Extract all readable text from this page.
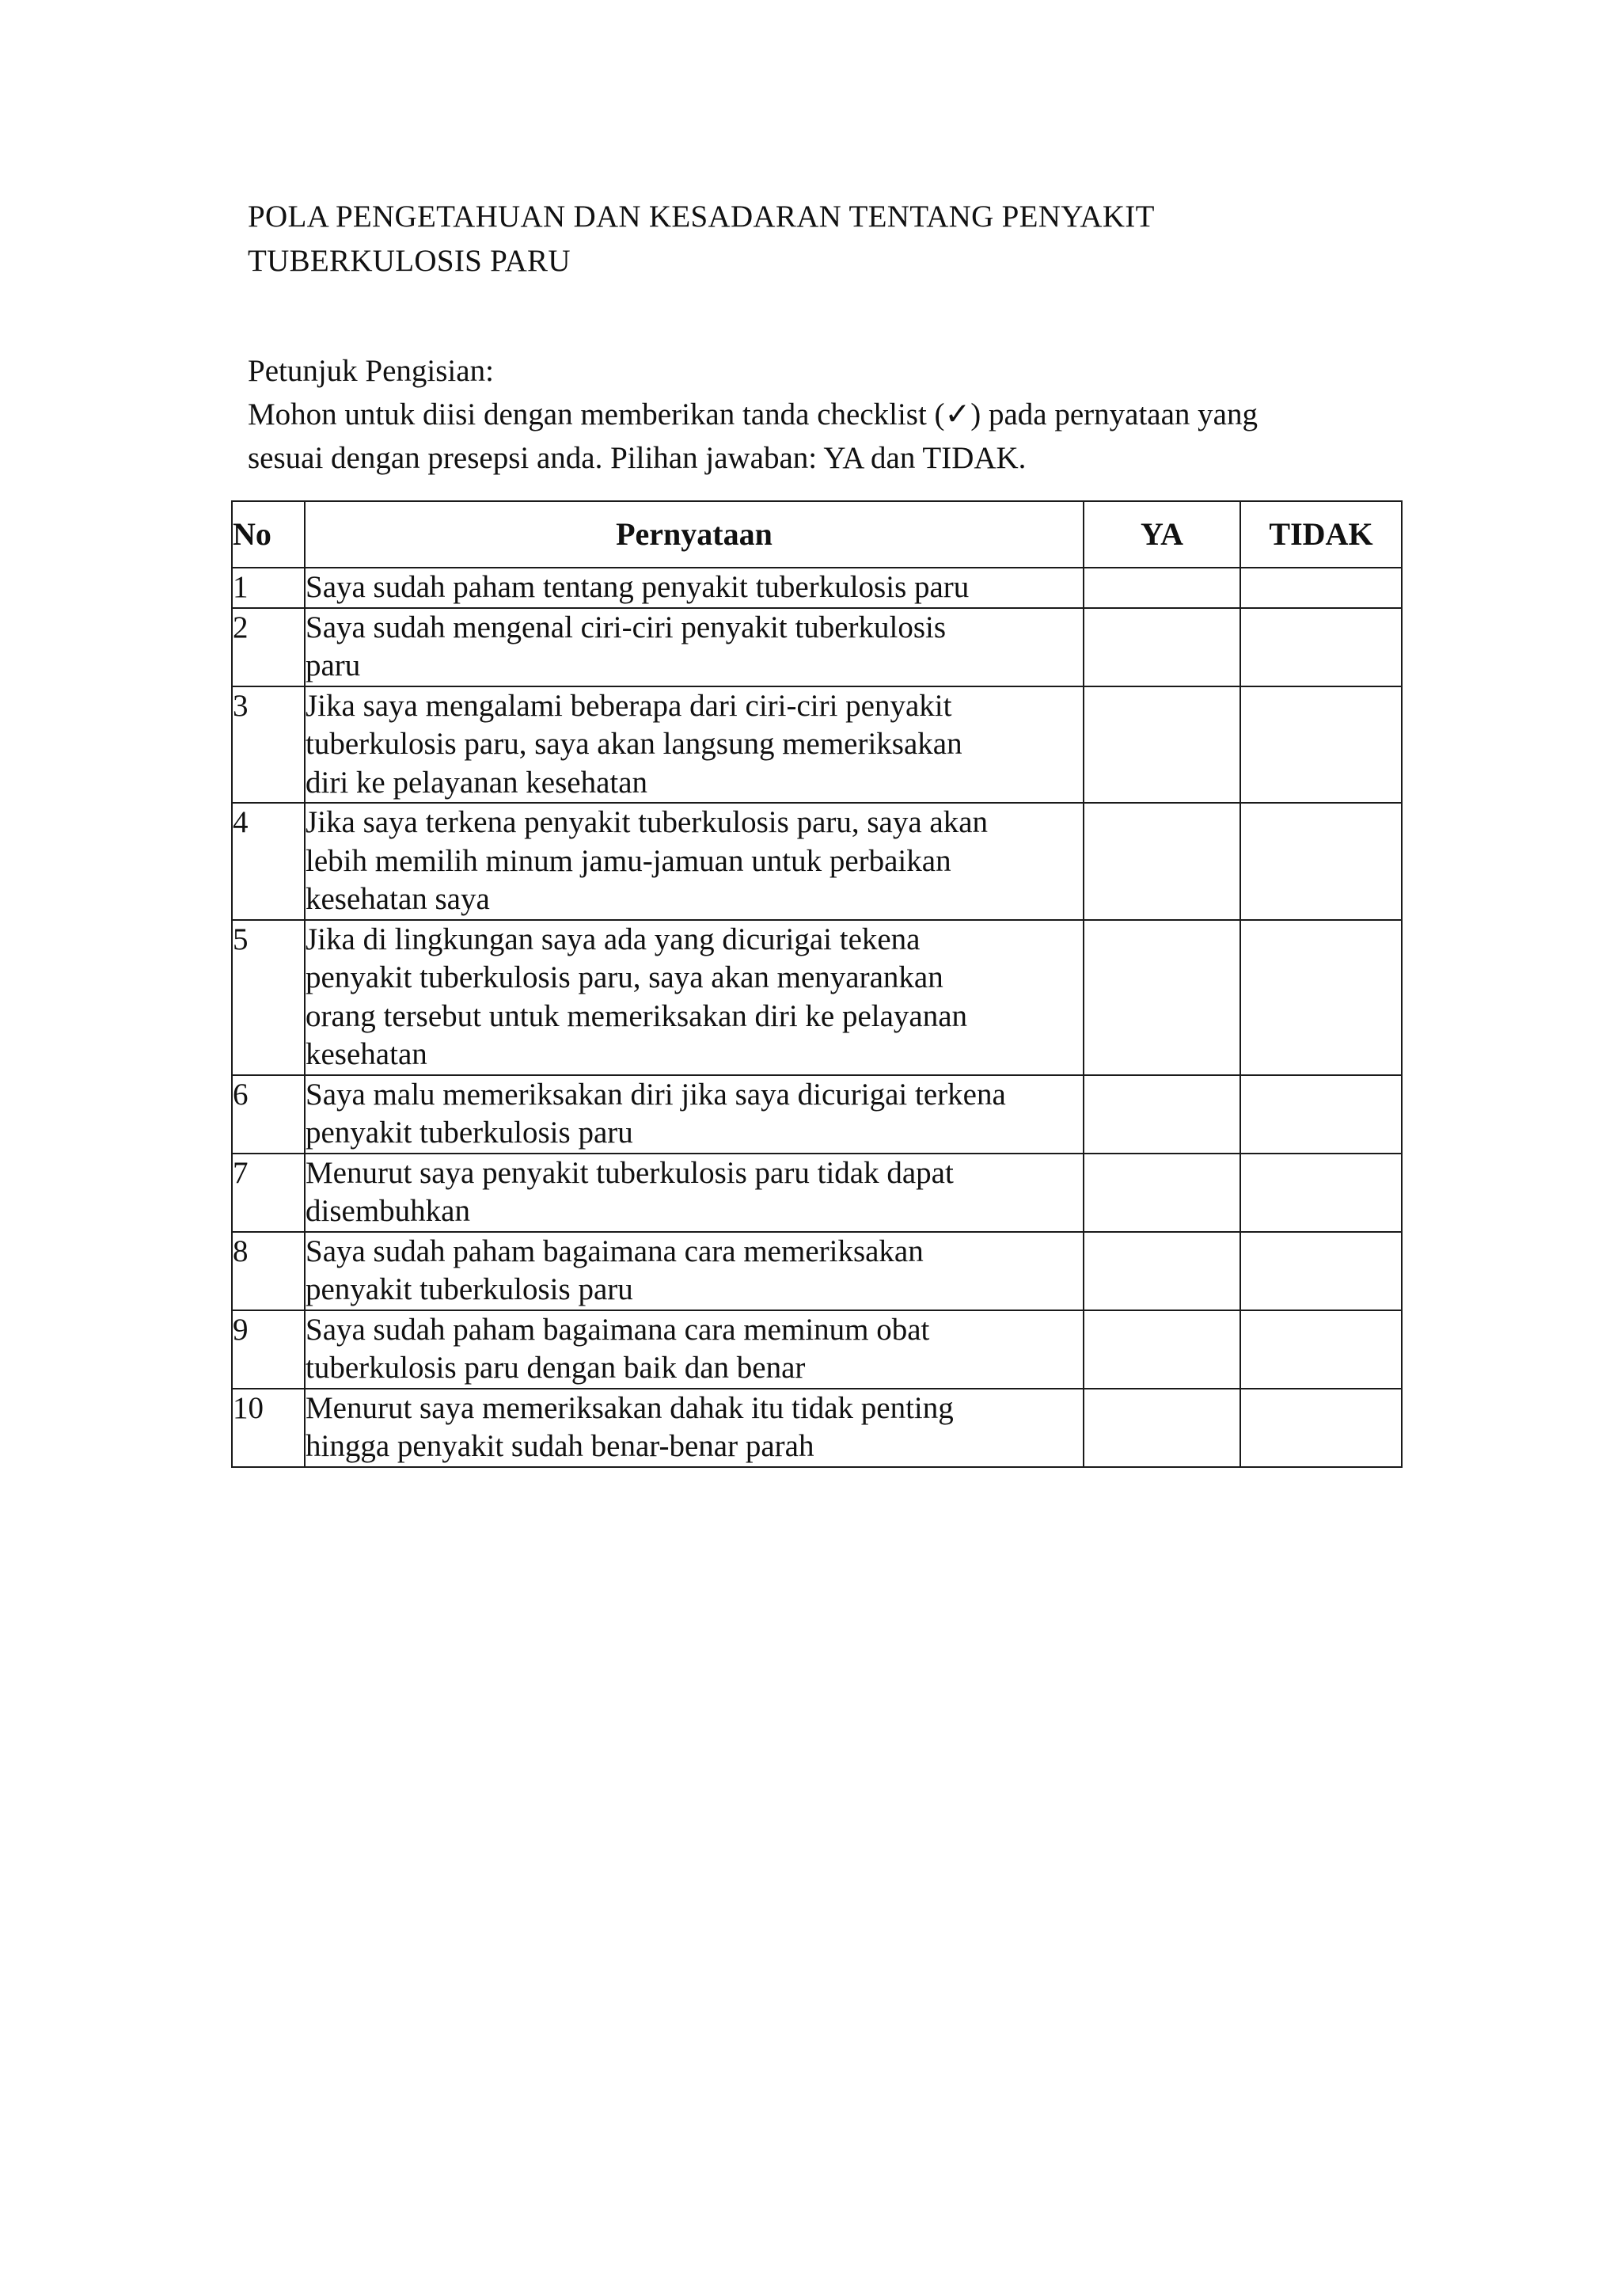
POLA PENGETAHUAN DAN KESADARAN TENTANG PENYAKIT
TUBERKULOSIS PARU
Petunjuk Pengisian:
Mohon untuk diisi dengan memberikan tanda checklist (✓) pada pernyataan yang
sesuai dengan presepsi anda. Pilihan jawaban: YA dan TIDAK.
No	Pernyataan	YA	TIDAK
1	Saya sudah paham tentang penyakit tuberkulosis paru		

2	Saya sudah mengenal ciri-ciri penyakit tuberkulosis
paru		

3	Jika saya mengalami beberapa dari ciri-ciri penyakit
tuberkulosis paru, saya akan langsung memeriksakan
diri ke pelayanan kesehatan		

4	Jika saya terkena penyakit tuberkulosis paru, saya akan
lebih memilih minum jamu-jamuan untuk perbaikan
kesehatan saya		

5	Jika di lingkungan saya ada yang dicurigai tekena
penyakit tuberkulosis paru, saya akan menyarankan
orang tersebut untuk memeriksakan diri ke pelayanan
kesehatan		

6	Saya malu memeriksakan diri jika saya dicurigai terkena
penyakit tuberkulosis paru		

7	Menurut saya penyakit tuberkulosis paru tidak dapat
disembuhkan		

8	Saya sudah paham bagaimana cara memeriksakan
penyakit tuberkulosis paru		

9	Saya sudah paham bagaimana cara meminum obat
tuberkulosis paru dengan baik dan benar		

10	Menurut saya memeriksakan dahak itu tidak penting
hingga penyakit sudah benar-benar parah		
